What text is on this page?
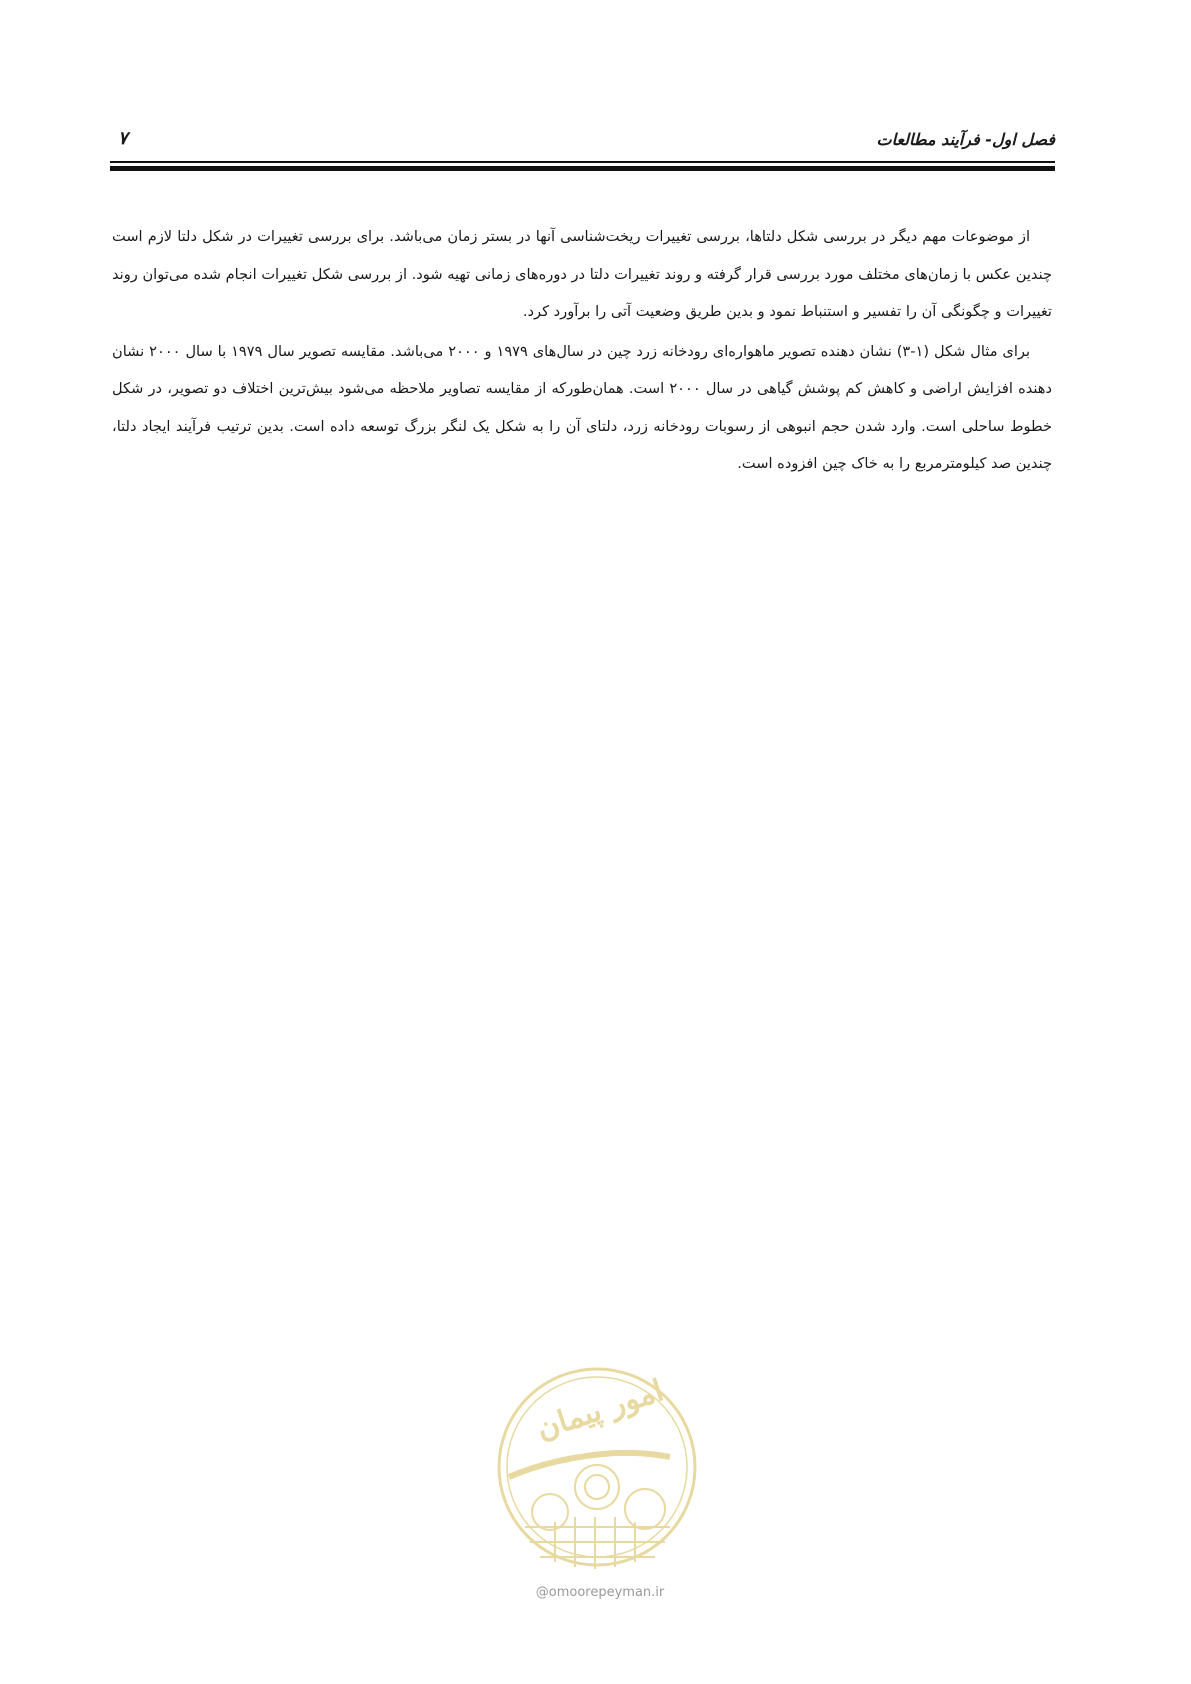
فصل اول- فرآیند مطالعات
۷

از موضوعات مهم دیگر در بررسی شکل دلتاها، بررسی تغییرات ریخت‌شناسی آنها در بستر زمان می‌باشد. برای بررسی تغییرات در شکل دلتا لازم است چندین عکس با زمان‌های مختلف مورد بررسی قرار گرفته و روند تغییرات دلتا در دوره‌های زمانی تهیه شود. از بررسی شکل تغییرات انجام شده می‌توان روند تغییرات و چگونگی آن را تفسیر و استنباط نمود و بدین طریق وضعیت آتی را برآورد کرد.

برای مثال شکل (۱-۳) نشان دهنده تصویر ماهواره‌ای رودخانه زرد چین در سال‌های ۱۹۷۹ و ۲۰۰۰ می‌باشد. مقایسه تصویر سال ۱۹۷۹ با سال ۲۰۰۰ نشان دهنده افزایش اراضی و کاهش کم پوشش گیاهی در سال ۲۰۰۰ است. همان‌طورکه از مقایسه تصاویر ملاحظه می‌شود بیش‌ترین اختلاف دو تصویر، در شکل خطوط ساحلی است. وارد شدن حجم انبوهی از رسوبات رودخانه زرد، دلتای آن را به شکل یک لنگر بزرگ توسعه داده است. بدین ترتیب فرآیند ایجاد دلتا، چندین صد کیلومترمربع را به خاک چین افزوده است.

امور پیمان
@omoorepeyman.ir
